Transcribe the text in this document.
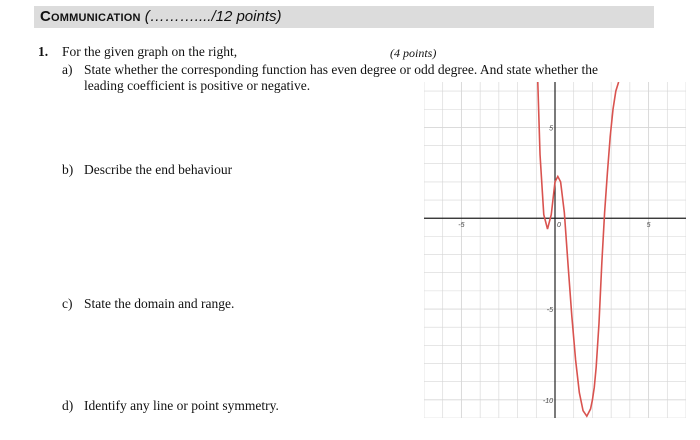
Communication (………..../12 points)
1. For the given graph on the right,	(4 points)
a) State whether the corresponding function has even degree or odd degree. And state whether the
leading coefficient is positive or negative.
b) Describe the end behaviour
c) State the domain and range.
d) Identify any line or point symmetry.
-5	5
0
5
-5
-10
